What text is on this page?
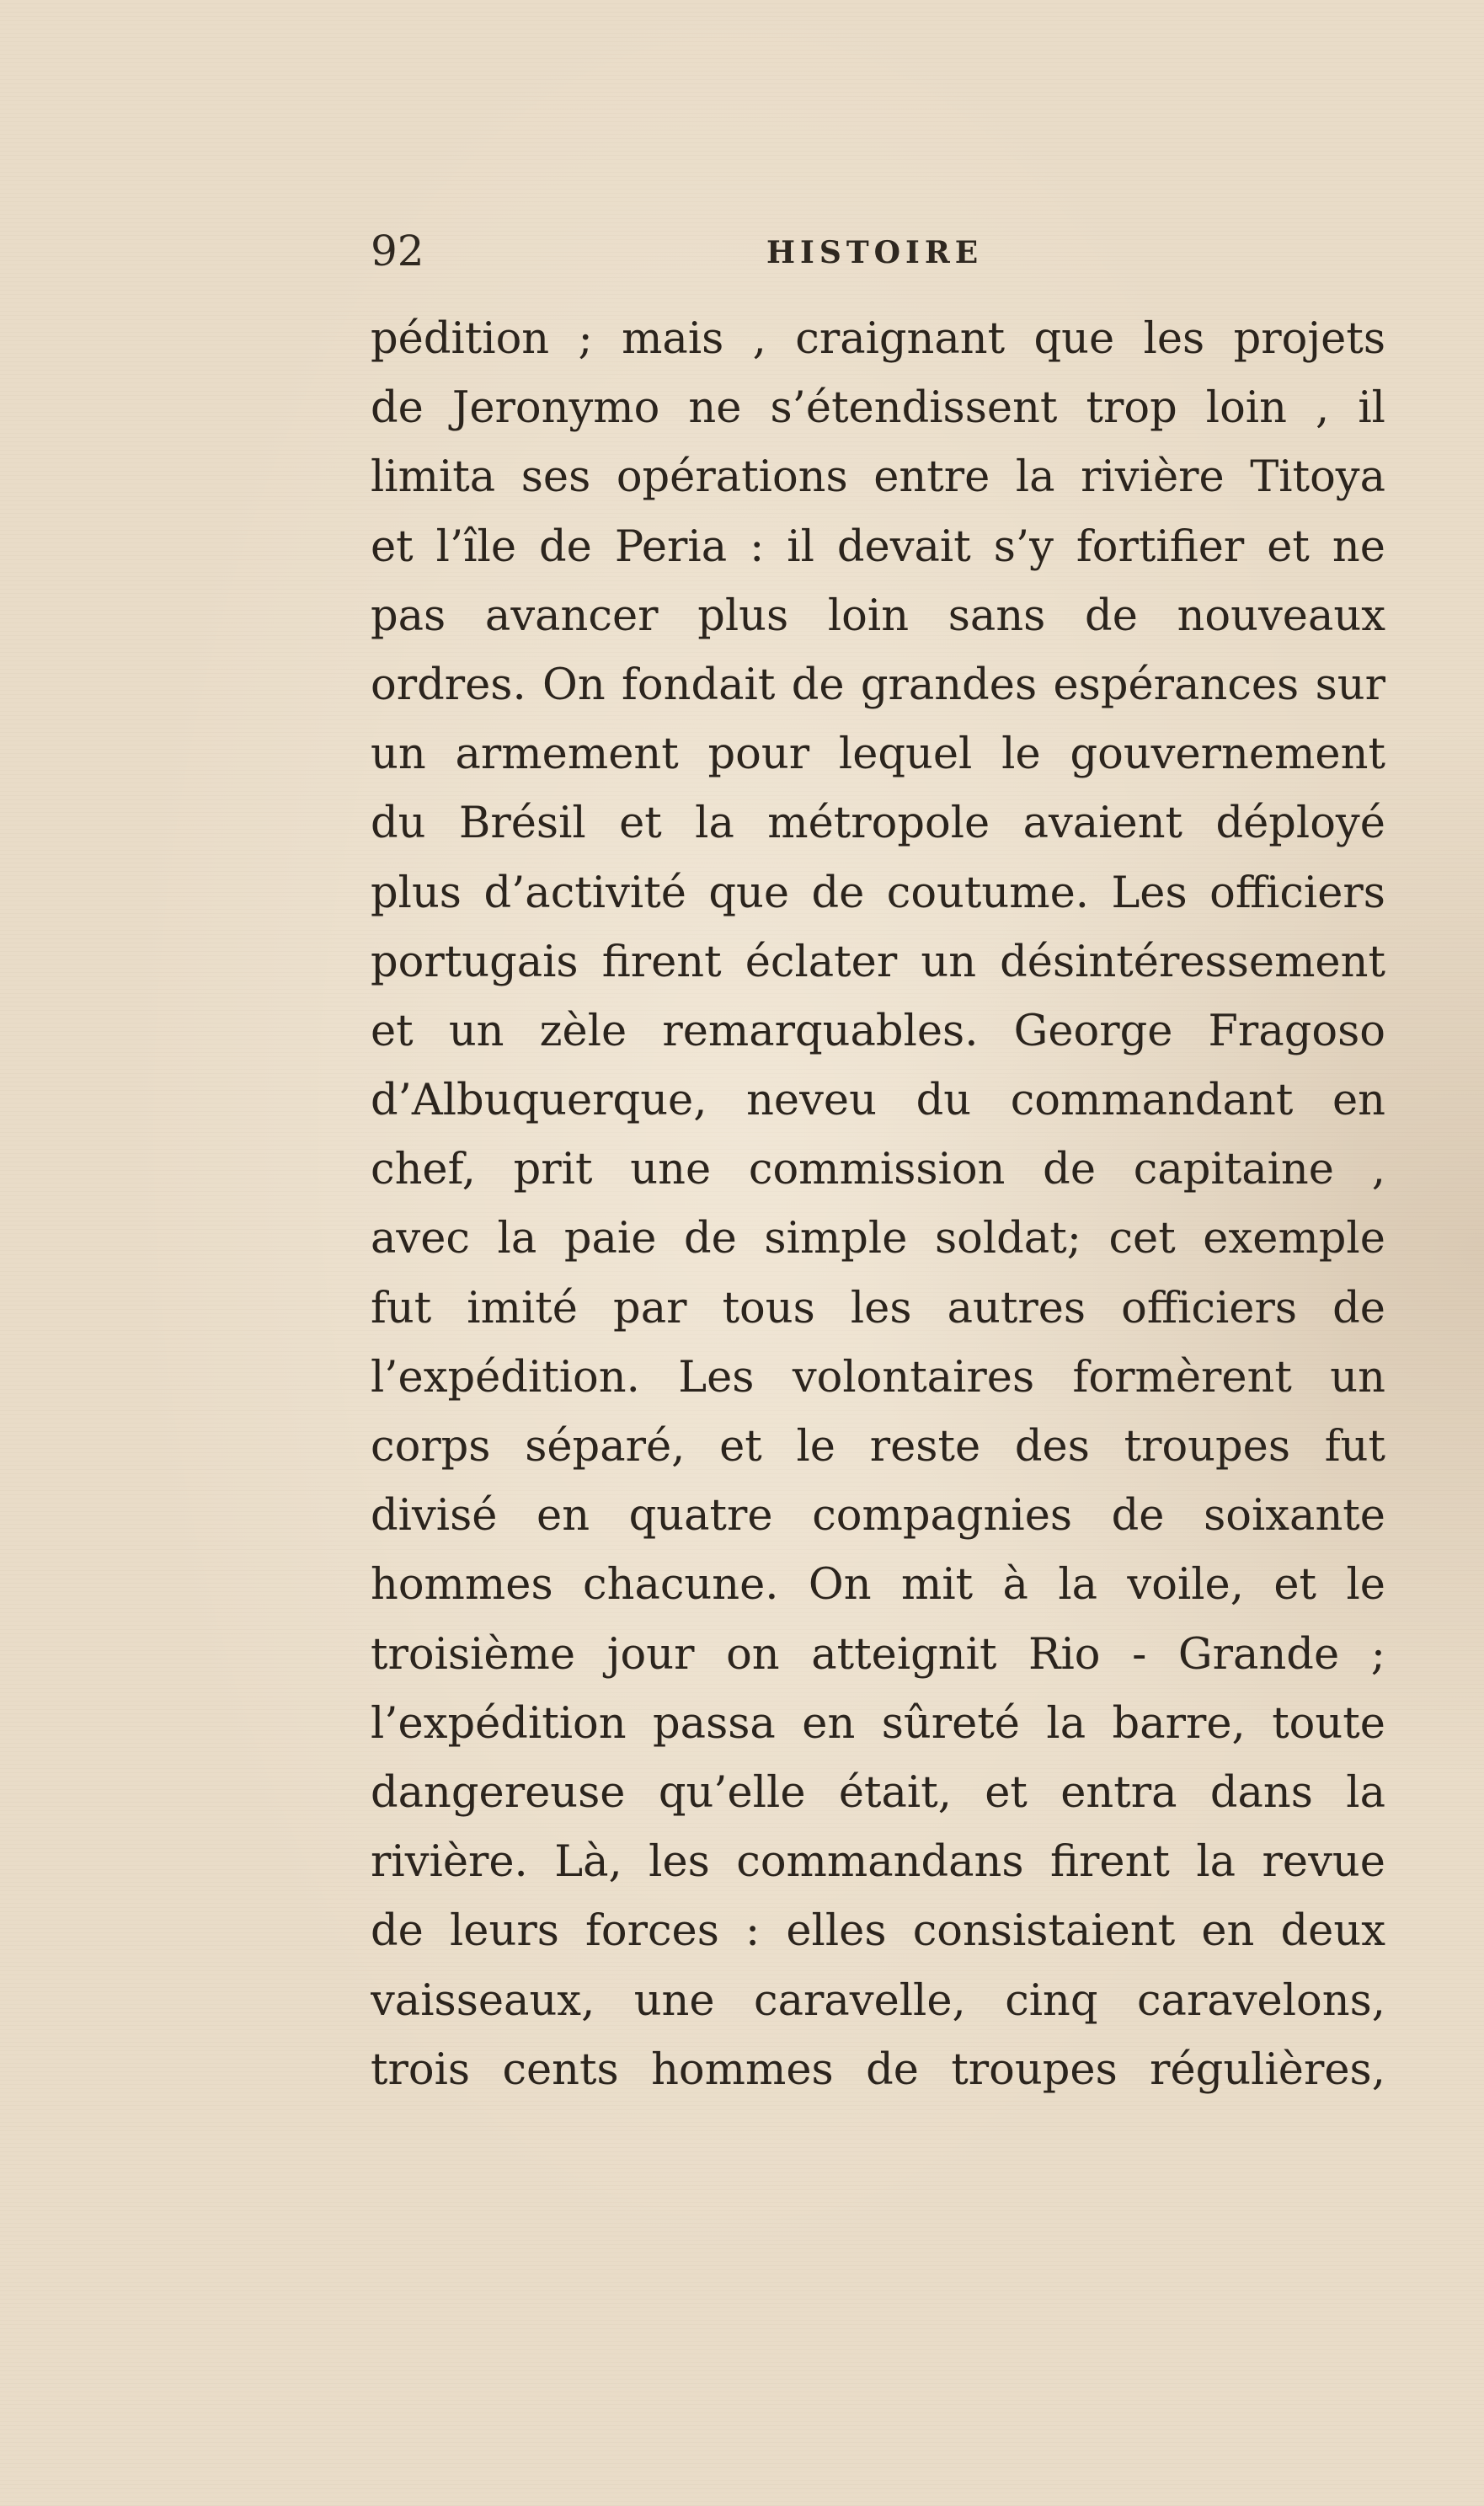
92	HISTOIRE
pédition ; mais , craignant que les projets
de Jeronymo ne s’étendissent trop loin , il
limita ses opérations entre la rivière Titoya
et l’île de Peria : il devait s’y fortifier et ne
pas avancer plus loin sans de nouveaux
ordres. On fondait de grandes espérances sur
un armement pour lequel le gouvernement
du Brésil et la métropole avaient déployé
plus d’activité que de coutume. Les officiers
portugais firent éclater un désintéressement
et un zèle remarquables. George Fragoso
d’Albuquerque, neveu du commandant en
chef, prit une commission de capitaine ,
avec la paie de simple soldat; cet exemple
fut imité par tous les autres officiers de
l’expédition. Les volontaires formèrent un
corps séparé, et le reste des troupes fut
divisé en quatre compagnies de soixante
hommes chacune. On mit à la voile, et le
troisième jour on atteignit Rio - Grande ;
l’expédition passa en sûreté la barre, toute
dangereuse qu’elle était, et entra dans la
rivière. Là, les commandans firent la revue
de leurs forces : elles consistaient en deux
vaisseaux, une caravelle, cinq caravelons,
trois cents hommes de troupes régulières,
